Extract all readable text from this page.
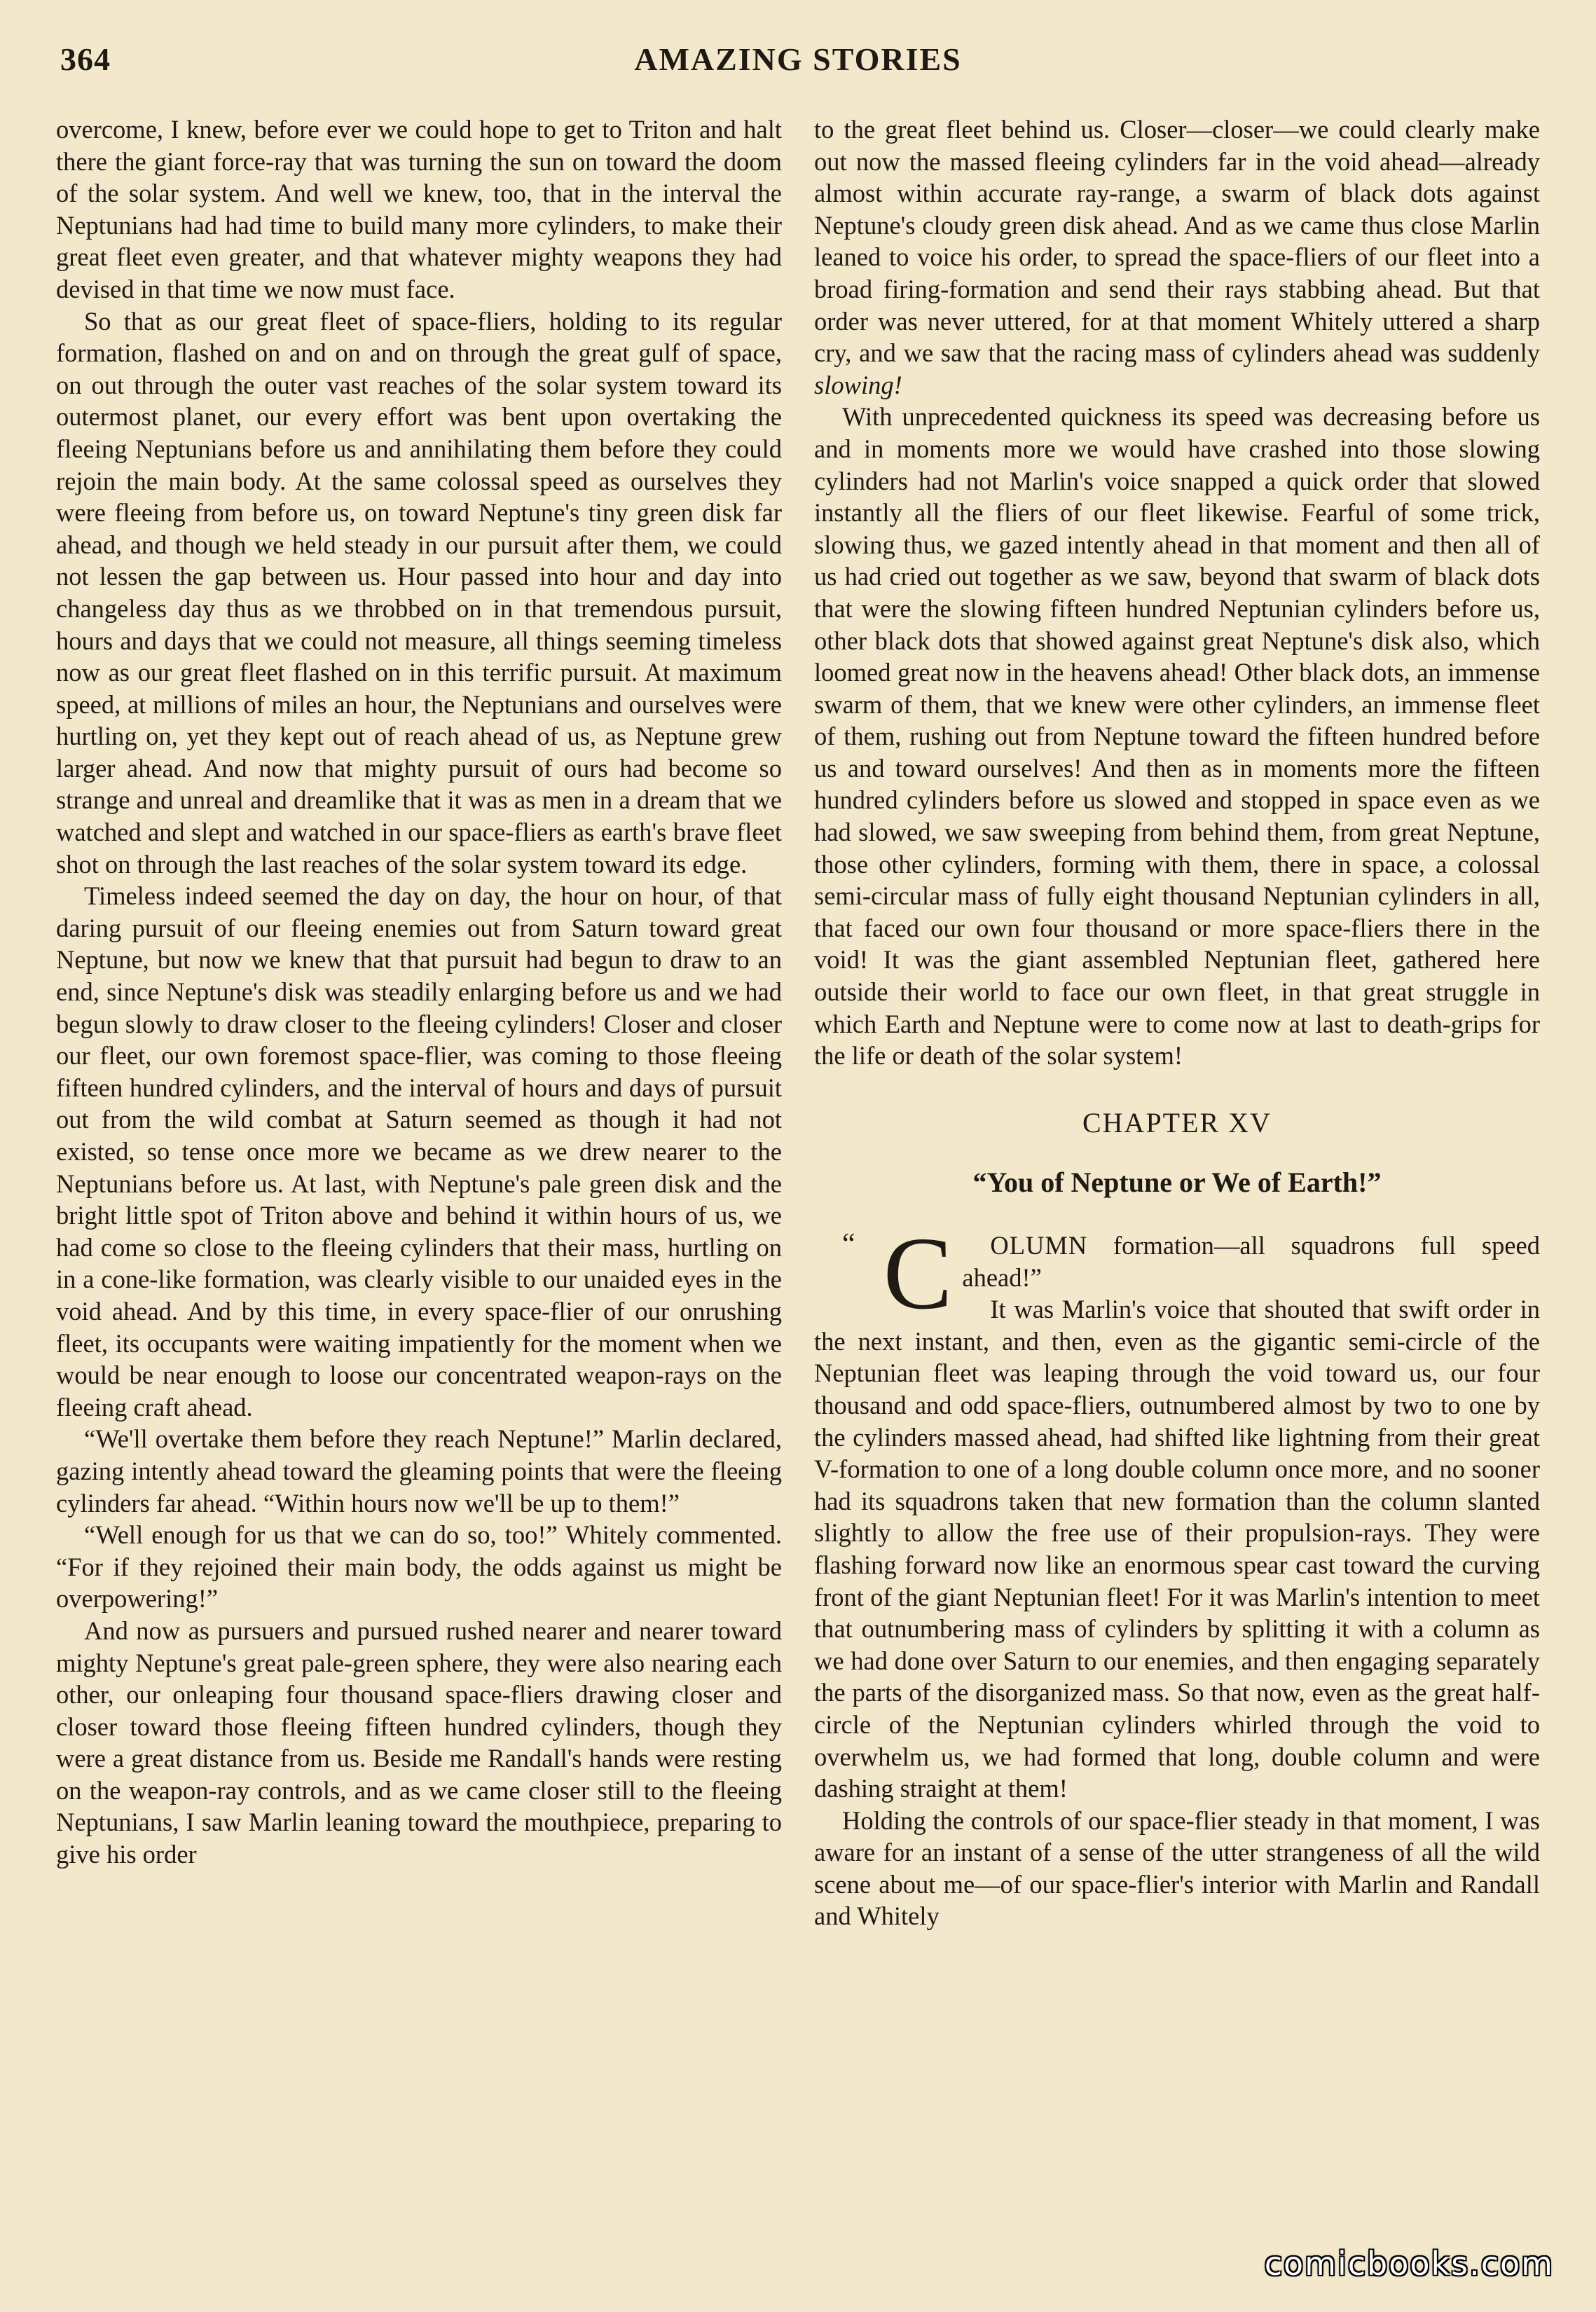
364	AMAZING STORIES

overcome, I knew, before ever we could hope to get to Triton and halt there the giant force-ray that was turning the sun on toward the doom of the solar system. And well we knew, too, that in the interval the Neptunians had had time to build many more cylinders, to make their great fleet even greater, and that whatever mighty weapons they had devised in that time we now must face.

So that as our great fleet of space-fliers, holding to its regular formation, flashed on and on and on through the great gulf of space, on out through the outer vast reaches of the solar system toward its outermost planet, our every effort was bent upon overtaking the fleeing Neptunians before us and annihilating them before they could rejoin the main body. At the same colossal speed as ourselves they were fleeing from before us, on toward Neptune's tiny green disk far ahead, and though we held steady in our pursuit after them, we could not lessen the gap between us. Hour passed into hour and day into changeless day thus as we throbbed on in that tremendous pursuit, hours and days that we could not measure, all things seeming timeless now as our great fleet flashed on in this terrific pursuit. At maximum speed, at millions of miles an hour, the Neptunians and ourselves were hurtling on, yet they kept out of reach ahead of us, as Neptune grew larger ahead. And now that mighty pursuit of ours had become so strange and unreal and dreamlike that it was as men in a dream that we watched and slept and watched in our space-fliers as earth's brave fleet shot on through the last reaches of the solar system toward its edge.

Timeless indeed seemed the day on day, the hour on hour, of that daring pursuit of our fleeing enemies out from Saturn toward great Neptune, but now we knew that that pursuit had begun to draw to an end, since Neptune's disk was steadily enlarging before us and we had begun slowly to draw closer to the fleeing cylinders! Closer and closer our fleet, our own foremost space-flier, was coming to those fleeing fifteen hundred cylinders, and the interval of hours and days of pursuit out from the wild combat at Saturn seemed as though it had not existed, so tense once more we became as we drew nearer to the Neptunians before us. At last, with Neptune's pale green disk and the bright little spot of Triton above and behind it within hours of us, we had come so close to the fleeing cylinders that their mass, hurtling on in a cone-like formation, was clearly visible to our unaided eyes in the void ahead. And by this time, in every space-flier of our onrushing fleet, its occupants were waiting impatiently for the moment when we would be near enough to loose our concentrated weapon-rays on the fleeing craft ahead.

“We'll overtake them before they reach Neptune!” Marlin declared, gazing intently ahead toward the gleaming points that were the fleeing cylinders far ahead. “Within hours now we'll be up to them!”

“Well enough for us that we can do so, too!” Whitely commented. “For if they rejoined their main body, the odds against us might be overpowering!”

And now as pursuers and pursued rushed nearer and nearer toward mighty Neptune's great pale-green sphere, they were also nearing each other, our onleaping four thousand space-fliers drawing closer and closer toward those fleeing fifteen hundred cylinders, though they were a great distance from us. Beside me Randall's hands were resting on the weapon-ray controls, and as we came closer still to the fleeing Neptunians, I saw Marlin leaning toward the mouthpiece, preparing to give his order

to the great fleet behind us. Closer—closer—we could clearly make out now the massed fleeing cylinders far in the void ahead—already almost within accurate ray-range, a swarm of black dots against Neptune's cloudy green disk ahead. And as we came thus close Marlin leaned to voice his order, to spread the space-fliers of our fleet into a broad firing-formation and send their rays stabbing ahead. But that order was never uttered, for at that moment Whitely uttered a sharp cry, and we saw that the racing mass of cylinders ahead was suddenly slowing!

With unprecedented quickness its speed was decreasing before us and in moments more we would have crashed into those slowing cylinders had not Marlin's voice snapped a quick order that slowed instantly all the fliers of our fleet likewise. Fearful of some trick, slowing thus, we gazed intently ahead in that moment and then all of us had cried out together as we saw, beyond that swarm of black dots that were the slowing fifteen hundred Neptunian cylinders before us, other black dots that showed against great Neptune's disk also, which loomed great now in the heavens ahead! Other black dots, an immense swarm of them, that we knew were other cylinders, an immense fleet of them, rushing out from Neptune toward the fifteen hundred before us and toward ourselves! And then as in moments more the fifteen hundred cylinders before us slowed and stopped in space even as we had slowed, we saw sweeping from behind them, from great Neptune, those other cylinders, forming with them, there in space, a colossal semi-circular mass of fully eight thousand Neptunian cylinders in all, that faced our own four thousand or more space-fliers there in the void! It was the giant assembled Neptunian fleet, gathered here outside their world to face our own fleet, in that great struggle in which Earth and Neptune were to come now at last to death-grips for the life or death of the solar system!

CHAPTER XV
“You of Neptune or We of Earth!”

“ C OLUMN formation—all squadrons full speed ahead!”

It was Marlin's voice that shouted that swift order in the next instant, and then, even as the gigantic semi-circle of the Neptunian fleet was leaping through the void toward us, our four thousand and odd space-fliers, outnumbered almost by two to one by the cylinders massed ahead, had shifted like lightning from their great V-formation to one of a long double column once more, and no sooner had its squadrons taken that new formation than the column slanted slightly to allow the free use of their propulsion-rays. They were flashing forward now like an enormous spear cast toward the curving front of the giant Neptunian fleet! For it was Marlin's intention to meet that outnumbering mass of cylinders by splitting it with a column as we had done over Saturn to our enemies, and then engaging separately the parts of the disorganized mass. So that now, even as the great half-circle of the Neptunian cylinders whirled through the void to overwhelm us, we had formed that long, double column and were dashing straight at them!

Holding the controls of our space-flier steady in that moment, I was aware for an instant of a sense of the utter strangeness of all the wild scene about me—of our space-flier's interior with Marlin and Randall and Whitely

comicbooks.com
